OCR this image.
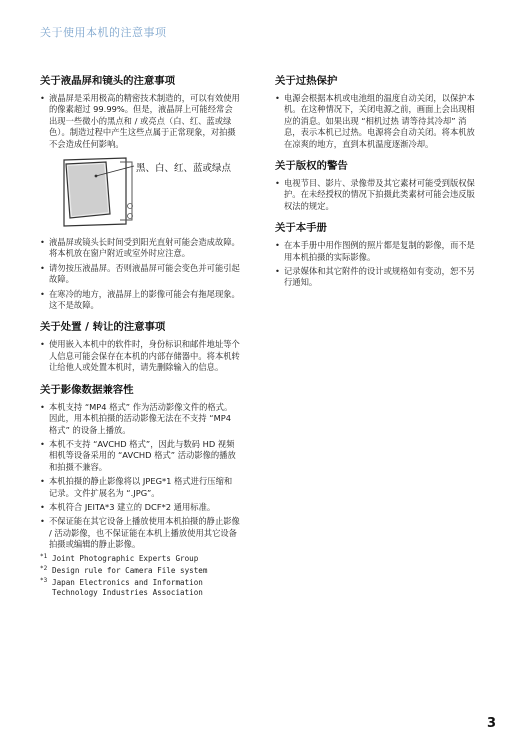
关于使用本机的注意事项
关于液晶屏和镜头的注意事项
• 液晶屏是采用极高的精密技术制造的，可以有效使用的像素超过 99.99%。但是，液晶屏上可能经常会出现一些微小的黑点和 / 或亮点（白、红、蓝或绿色）。制造过程中产生这些点属于正常现象，对拍摄不会造成任何影响。
黑、白、红、蓝或绿点
• 液晶屏或镜头长时间受到阳光直射可能会造成故障。将本机放在窗户附近或室外时应注意。
• 请勿按压液晶屏。否则液晶屏可能会变色并可能引起故障。
• 在寒冷的地方，液晶屏上的影像可能会有拖尾现象。这不是故障。
关于处置 / 转让的注意事项
• 使用嵌入本机中的软件时，身份标识和邮件地址等个人信息可能会保存在本机的内部存储器中。将本机转让给他人或处置本机时，请先删除输入的信息。
关于影像数据兼容性
• 本机支持 “MP4 格式” 作为活动影像文件的格式。因此，用本机拍摄的活动影像无法在不支持 “MP4 格式” 的设备上播放。
• 本机不支持 “AVCHD 格式”，因此与数码 HD 视频相机等设备采用的 “AVCHD 格式” 活动影像的播放和拍摄不兼容。
• 本机拍摄的静止影像将以 JPEG*1 格式进行压缩和记录。文件扩展名为 “.JPG”。
• 本机符合 JEITA*3 建立的 DCF*2 通用标准。
• 不保证能在其它设备上播放使用本机拍摄的静止影像 / 活动影像，也不保证能在本机上播放使用其它设备拍摄或编辑的静止影像。
*1 Joint Photographic Experts Group
*2 Design rule for Camera File system
*3 Japan Electronics and Information Technology Industries Association
关于过热保护
• 电源会根据本机或电池组的温度自动关闭，以保护本机。在这种情况下，关闭电源之前，画面上会出现相应的消息。如果出现 “相机过热 请等待其冷却” 消息，表示本机已过热。电源将会自动关闭。将本机放在凉爽的地方，直到本机温度逐渐冷却。
关于版权的警告
• 电视节目、影片、录像带及其它素材可能受到版权保护。在未经授权的情况下拍摄此类素材可能会违反版权法的规定。
关于本手册
• 在本手册中用作图例的照片都是复制的影像，而不是用本机拍摄的实际影像。
• 记录媒体和其它附件的设计或规格如有变动，恕不另行通知。
3
